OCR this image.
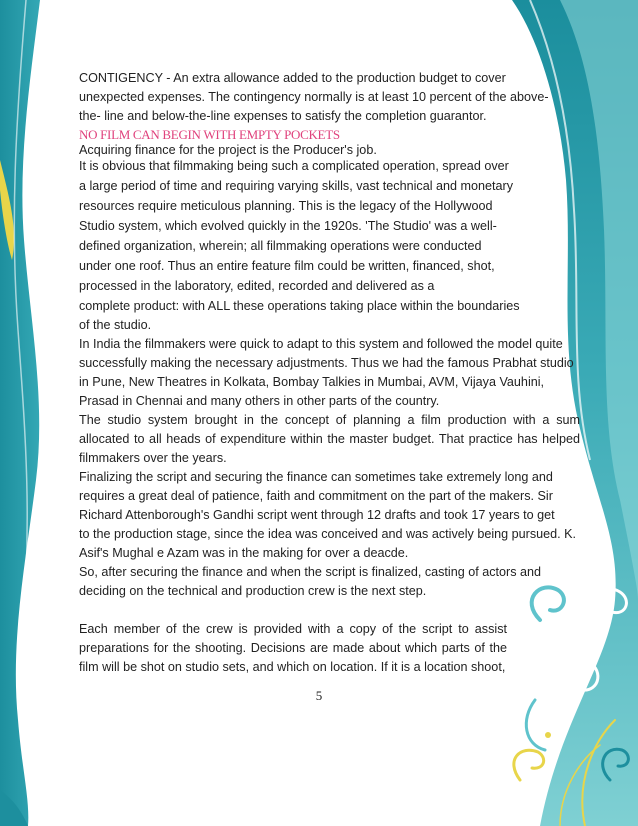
CONTIGENCY - An extra allowance added to the production budget to cover
unexpected expenses. The contingency normally is at least 10 percent of the above-
the- line and below-the-line expenses to satisfy the completion guarantor.
NO FILM CAN BEGIN WITH EMPTY POCKETS
Acquiring finance for the project is the Producer's job.
It is obvious that filmmaking being such a complicated operation, spread over
a large period of time and requiring varying skills, vast technical and monetary
resources require meticulous planning. This is the legacy of the Hollywood
Studio system, which evolved quickly in the 1920s. 'The Studio' was a well-
defined organization, wherein; all filmmaking operations were conducted
under one roof. Thus an entire feature film could be written, financed, shot,
processed in the laboratory, edited, recorded and delivered as a
complete product: with ALL these operations taking place within the boundaries
of the studio.
In India the filmmakers were quick to adapt to this system and followed the model quite
successfully making the necessary adjustments. Thus we had the famous Prabhat studio
in Pune, New Theatres in Kolkata, Bombay Talkies in Mumbai, AVM, Vijaya Vauhini,
Prasad in Chennai and many others in other parts of the country.
The studio system brought in the concept of planning a film production with a sum
allocated to all heads of expenditure within the master budget. That practice has helped
filmmakers over the years.
Finalizing the script and securing the finance can sometimes take extremely long and
requires a great deal of patience, faith and commitment on the part of the makers. Sir
Richard Attenborough's Gandhi script went through 12 drafts and took 17 years to get
to the production stage, since the idea was conceived and was actively being pursued. K.
Asif's Mughal e Azam was in the making for over a deacde.
So, after securing the finance and when the script is finalized, casting of actors and
deciding on the technical and production crew is the next step.
Each member of the crew is provided with a copy of the script to assist
preparations for the shooting. Decisions are made about which parts of the
film will be shot on studio sets, and which on location. If it is a location shoot,
5
